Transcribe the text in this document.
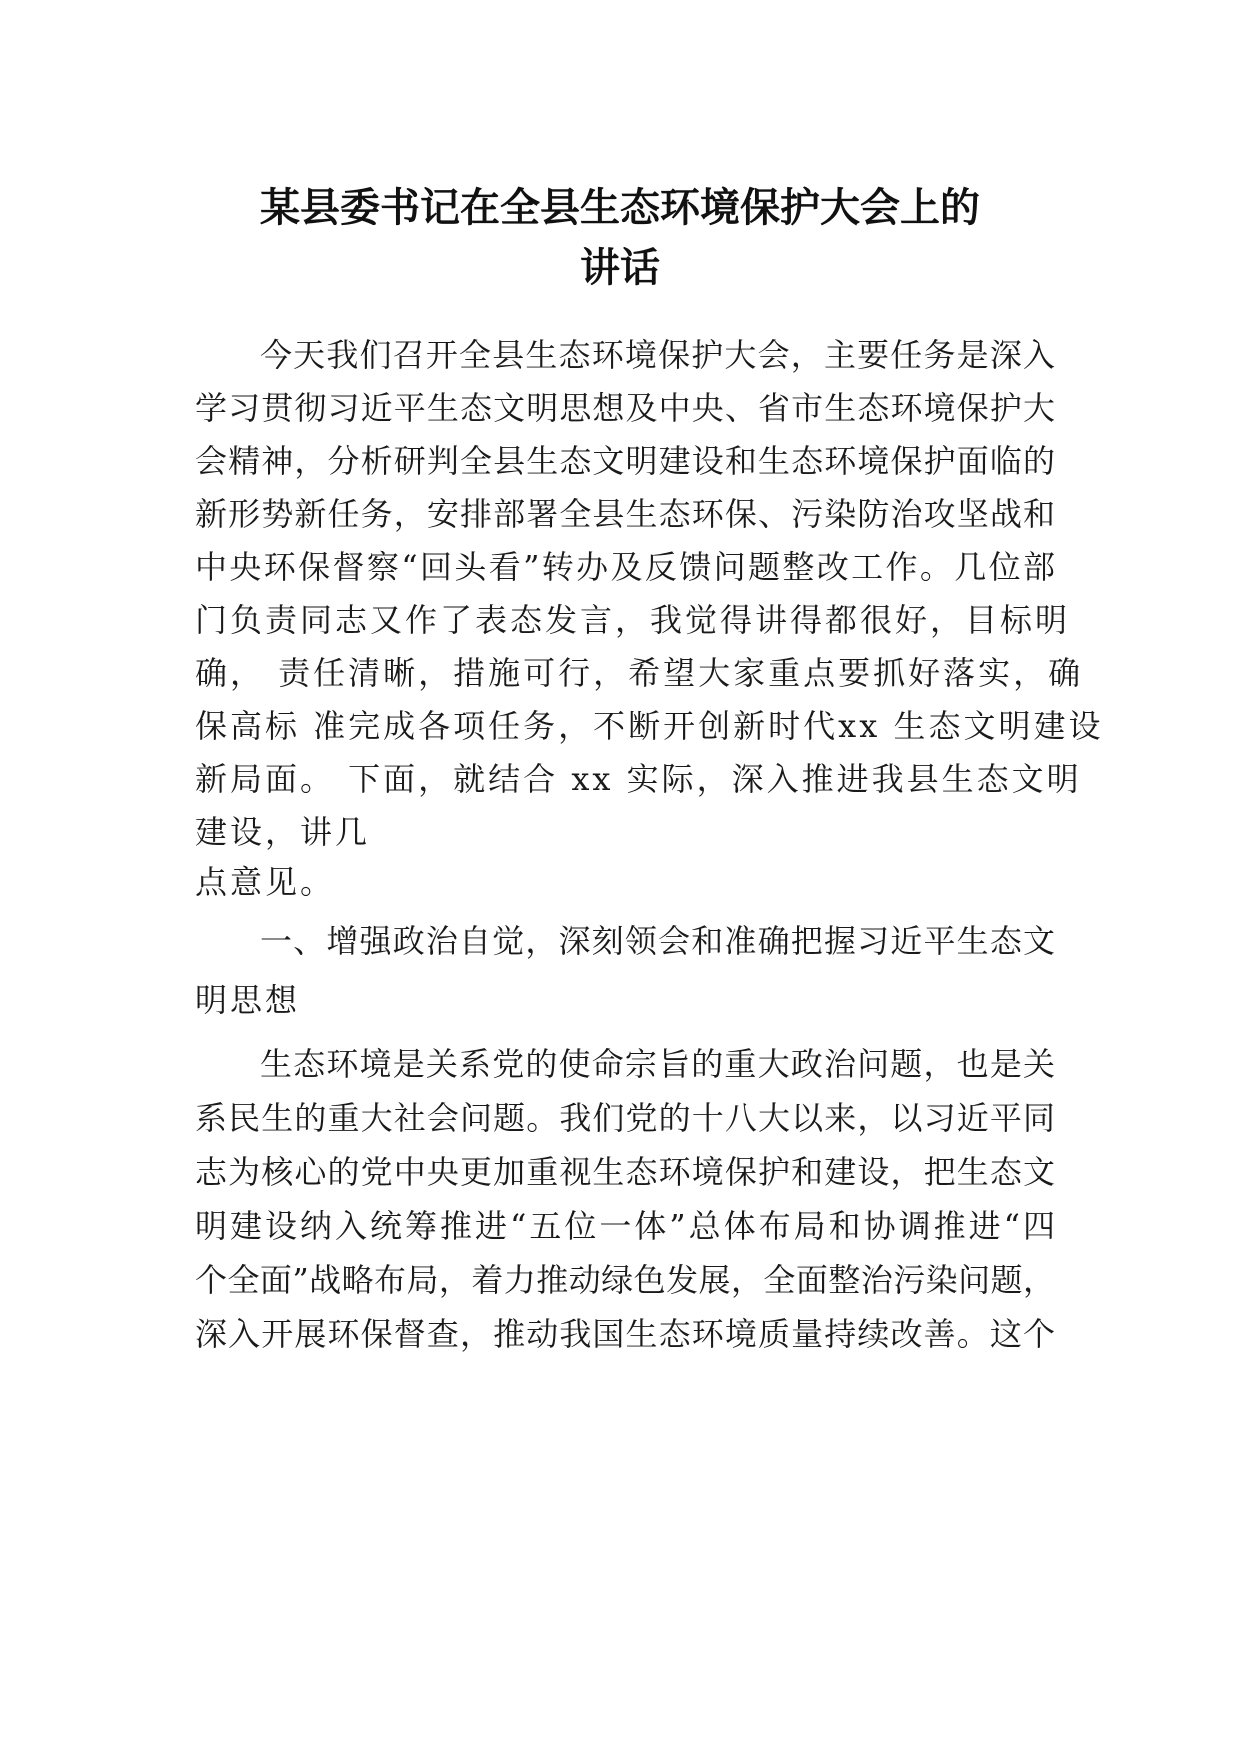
某县委书记在全县生态环境保护大会上的
讲话

今天我们召开全县生态环境保护大会，主要任务是深入

学习贯彻习近平生态文明思想及中央、省市生态环境保护大

会精神，分析研判全县生态文明建设和生态环境保护面临的

新形势新任务，安排部署全县生态环保、污染防治攻坚战和

中央环保督察“回头看”转办及反馈问题整改工作。几位部

门负责同志又作了表态发言，我觉得讲得都很好，目标明

确， 责任清晰，措施可行，希望大家重点要抓好落实，确

保高标 准完成各项任务，不断开创新时代xx 生态文明建设

新局面。 下面，就结合 xx 实际，深入推进我县生态文明

建设，讲几

点意见。

一、增强政治自觉，深刻领会和准确把握习近平生态文

明思想

生态环境是关系党的使命宗旨的重大政治问题，也是关

系民生的重大社会问题。我们党的十八大以来，以习近平同

志为核心的党中央更加重视生态环境保护和建设，把生态文

明建设纳入统筹推进“五位一体”总体布局和协调推进“四

个全面”战略布局，着力推动绿色发展，全面整治污染问题，

深入开展环保督查，推动我国生态环境质量持续改善。这个
